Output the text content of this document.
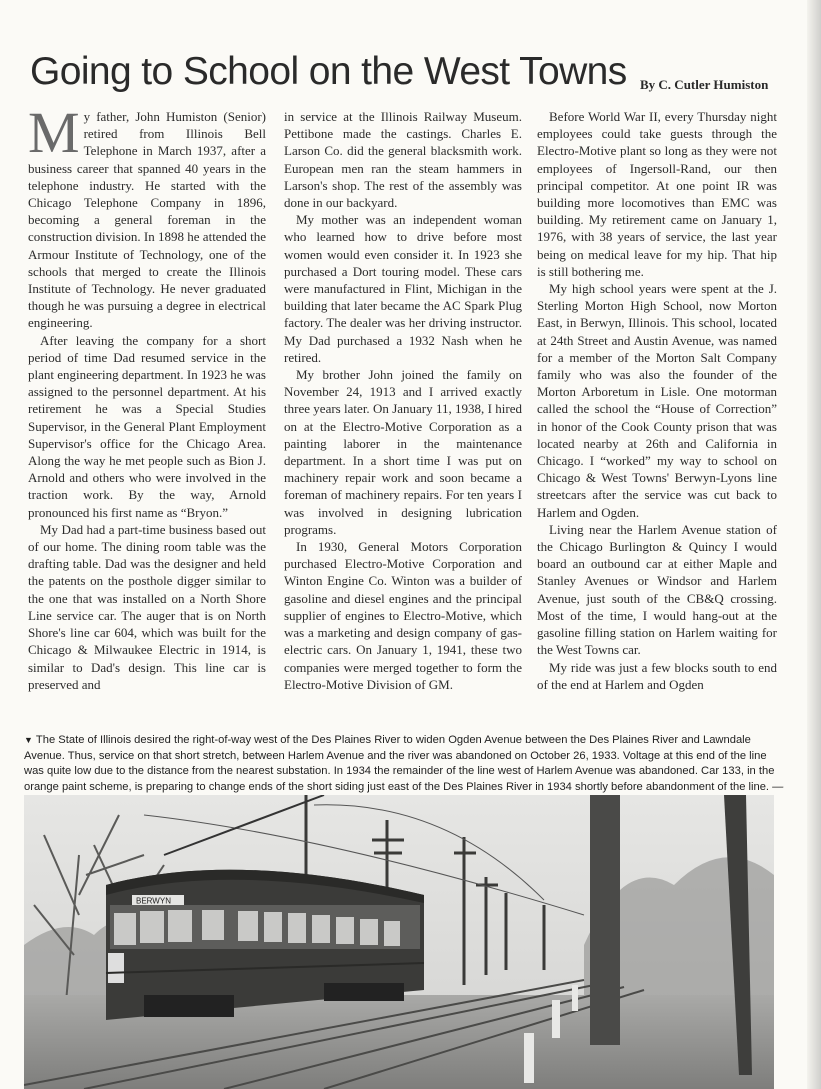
Going to School on the West Towns By C. Cutler Humiston

My father, John Humiston (Senior) retired from Illinois Bell Telephone in March 1937, after a business career that spanned 40 years in the telephone industry. He started with the Chicago Telephone Company in 1896, becoming a general foreman in the construction division. In 1898 he attended the Armour Institute of Technology, one of the schools that merged to create the Illinois Institute of Technology. He never graduated though he was pursuing a degree in electrical engineering.

After leaving the company for a short period of time Dad resumed service in the plant engineering department. In 1923 he was assigned to the personnel department. At his retirement he was a Special Studies Supervisor, in the General Plant Employment Supervisor's office for the Chicago Area. Along the way he met people such as Bion J. Arnold and others who were involved in the traction work. By the way, Arnold pronounced his first name as “Bryon.”

My Dad had a part-time business based out of our home. The dining room table was the drafting table. Dad was the designer and held the patents on the posthole digger similar to the one that was installed on a North Shore Line service car. The auger that is on North Shore's line car 604, which was built for the Chicago & Milwaukee Electric in 1914, is similar to Dad's design. This line car is preserved and

in service at the Illinois Railway Museum. Pettibone made the castings. Charles E. Larson Co. did the general blacksmith work. European men ran the steam hammers in Larson's shop. The rest of the assembly was done in our backyard.

My mother was an independent woman who learned how to drive before most women would even consider it. In 1923 she purchased a Dort touring model. These cars were manufactured in Flint, Michigan in the building that later became the AC Spark Plug factory. The dealer was her driving instructor. My Dad purchased a 1932 Nash when he retired.

My brother John joined the family on November 24, 1913 and I arrived exactly three years later. On January 11, 1938, I hired on at the Electro-Motive Corporation as a painting laborer in the maintenance department. In a short time I was put on machinery repair work and soon became a foreman of machinery repairs. For ten years I was involved in designing lubrication programs.

In 1930, General Motors Corporation purchased Electro-Motive Corporation and Winton Engine Co. Winton was a builder of gasoline and diesel engines and the principal supplier of engines to Electro-Motive, which was a marketing and design company of gas-electric cars. On January 1, 1941, these two companies were merged together to form the Electro-Motive Division of GM.

Before World War II, every Thursday night employees could take guests through the Electro-Motive plant so long as they were not employees of Ingersoll-Rand, our then principal competitor. At one point IR was building more locomotives than EMC was building. My retirement came on January 1, 1976, with 38 years of service, the last year being on medical leave for my hip. That hip is still bothering me.

My high school years were spent at the J. Sterling Morton High School, now Morton East, in Berwyn, Illinois. This school, located at 24th Street and Austin Avenue, was named for a member of the Morton Salt Company family who was also the founder of the Morton Arboretum in Lisle. One motorman called the school the “House of Correction” in honor of the Cook County prison that was located nearby at 26th and California in Chicago. I “worked” my way to school on Chicago & West Towns' Berwyn-Lyons line streetcars after the service was cut back to Harlem and Ogden.

Living near the Harlem Avenue station of the Chicago Burlington & Quincy I would board an outbound car at either Maple and Stanley Avenues or Windsor and Harlem Avenue, just south of the CB&Q crossing. Most of the time, I would hang-out at the gasoline filling station on Harlem waiting for the West Towns car.

My ride was just a few blocks south to end of the end at Harlem and Ogden

▼ The State of Illinois desired the right-of-way west of the Des Plaines River to widen Ogden Avenue between the Des Plaines River and Lawndale Avenue. Thus, service on that short stretch, between Harlem Avenue and the river was abandoned on October 26, 1933. Voltage at this end of the line was quite low due to the distance from the nearest substation. In 1934 the remainder of the line west of Harlem Avenue was abandoned. Car 133, in the orange paint scheme, is preparing to change ends of the short siding just east of the Des Plaines River in 1934 shortly before abandonment of the line. —
BERWYN
